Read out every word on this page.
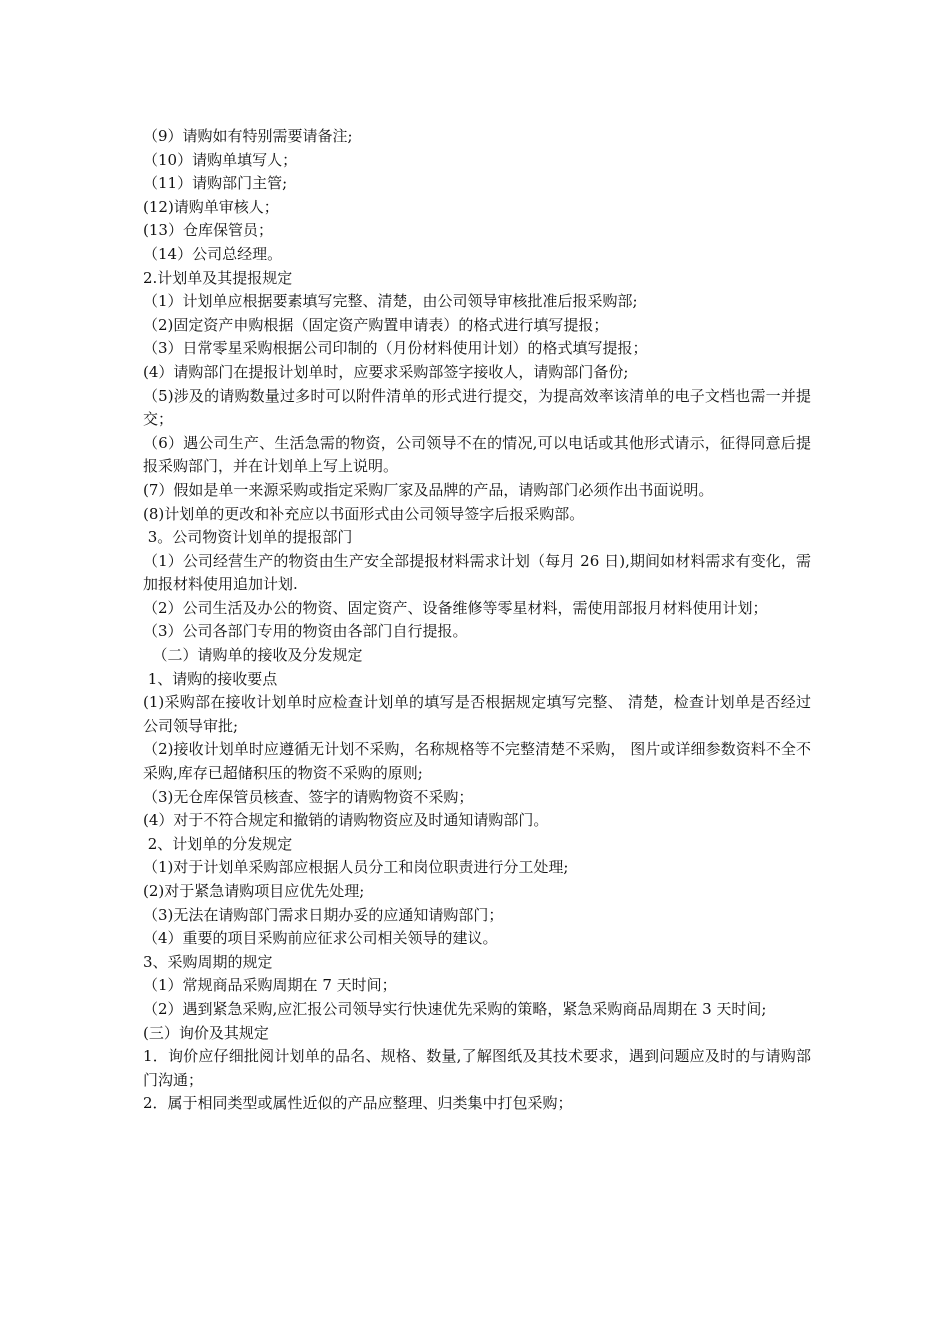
（9）请购如有特别需要请备注;

（10）请购单填写人；

（11）请购部门主管;

(12)请购单审核人；

(13）仓库保管员；

（14）公司总经理。

2.计划单及其提报规定

（1）计划单应根据要素填写完整、清楚，由公司领导审核批准后报采购部;

（2)固定资产申购根据（固定资产购置申请表）的格式进行填写提报；

（3）日常零星采购根据公司印制的（月份材料使用计划）的格式填写提报；

(4）请购部门在提报计划单时，应要求采购部签字接收人，请购部门备份;

（5)涉及的请购数量过多时可以附件清单的形式进行提交，为提高效率该清单的电子文档也需一并提交；

（6）遇公司生产、生活急需的物资，公司领导不在的情况,可以电话或其他形式请示，征得同意后提报采购部门，并在计划单上写上说明。

(7）假如是单一来源采购或指定采购厂家及品牌的产品，请购部门必须作出书面说明。

(8)计划单的更改和补充应以书面形式由公司领导签字后报采购部。

3。公司物资计划单的提报部门

（1）公司经营生产的物资由生产安全部提报材料需求计划（每月 26 日),期间如材料需求有变化，需加报材料使用追加计划.

（2）公司生活及办公的物资、固定资产、设备维修等零星材料，需使用部报月材料使用计划；

（3）公司各部门专用的物资由各部门自行提报。

（二）请购单的接收及分发规定

1、请购的接收要点

(1)采购部在接收计划单时应检查计划单的填写是否根据规定填写完整、 清楚，检查计划单是否经过公司领导审批;

（2)接收计划单时应遵循无计划不采购，名称规格等不完整清楚不采购， 图片或详细参数资料不全不采购,库存已超储积压的物资不采购的原则;

（3)无仓库保管员核查、签字的请购物资不采购；

(4）对于不符合规定和撤销的请购物资应及时通知请购部门。

2、计划单的分发规定

（1)对于计划单采购部应根据人员分工和岗位职责进行分工处理;

(2)对于紧急请购项目应优先处理;

（3)无法在请购部门需求日期办妥的应通知请购部门；

（4）重要的项目采购前应征求公司相关领导的建议。

3、采购周期的规定

（1）常规商品采购周期在 7 天时间；

（2）遇到紧急采购,应汇报公司领导实行快速优先采购的策略，紧急采购商品周期在 3 天时间;

(三）询价及其规定

1．询价应仔细批阅计划单的品名、规格、数量,了解图纸及其技术要求，遇到问题应及时的与请购部门沟通；

2．属于相同类型或属性近似的产品应整理、归类集中打包采购；
